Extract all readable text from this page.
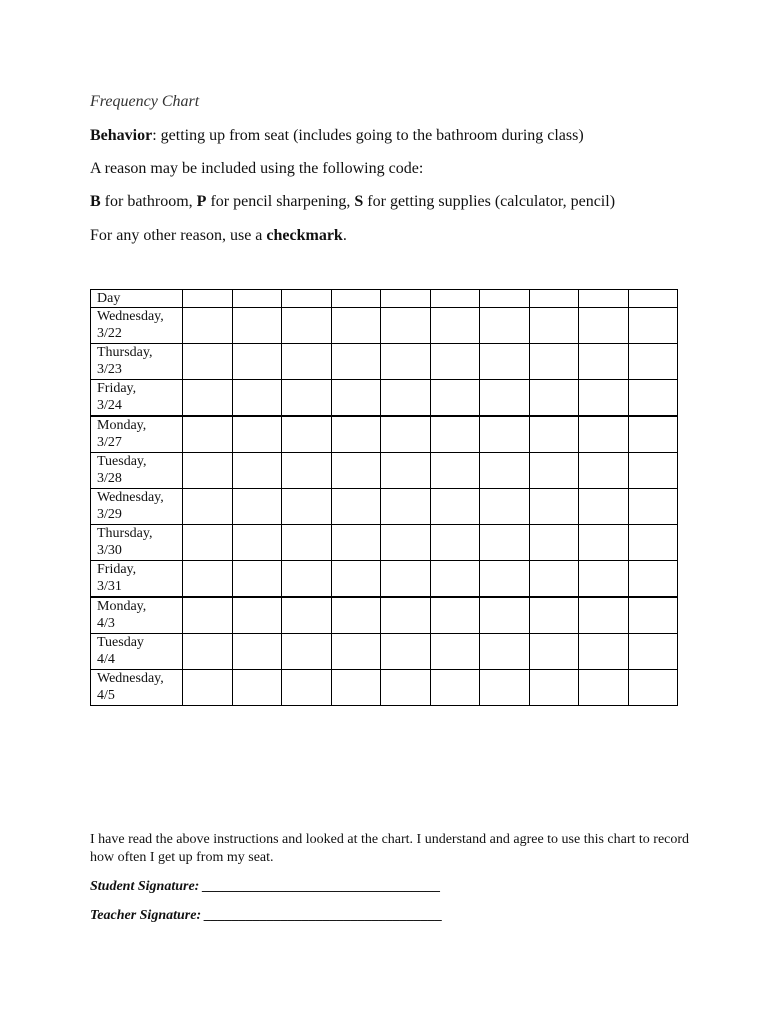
Frequency Chart
Behavior: getting up from seat (includes going to the bathroom during class)
A reason may be included using the following code:
B for bathroom, P for pencil sharpening, S for getting supplies (calculator, pencil)
For any other reason, use a checkmark.
Day										

Wednesday,
3/22										

Thursday,
3/23										

Friday,
3/24										

Monday,
3/27										

Tuesday,
3/28										

Wednesday,
3/29										

Thursday,
3/30										

Friday,
3/31										

Monday,
4/3										

Tuesday
4/4										

Wednesday,
4/5										

I have read the above instructions and looked at the chart. I understand and agree to use this chart to record how often I get up from my seat.
Student Signature: __________________________________
Teacher Signature: __________________________________
